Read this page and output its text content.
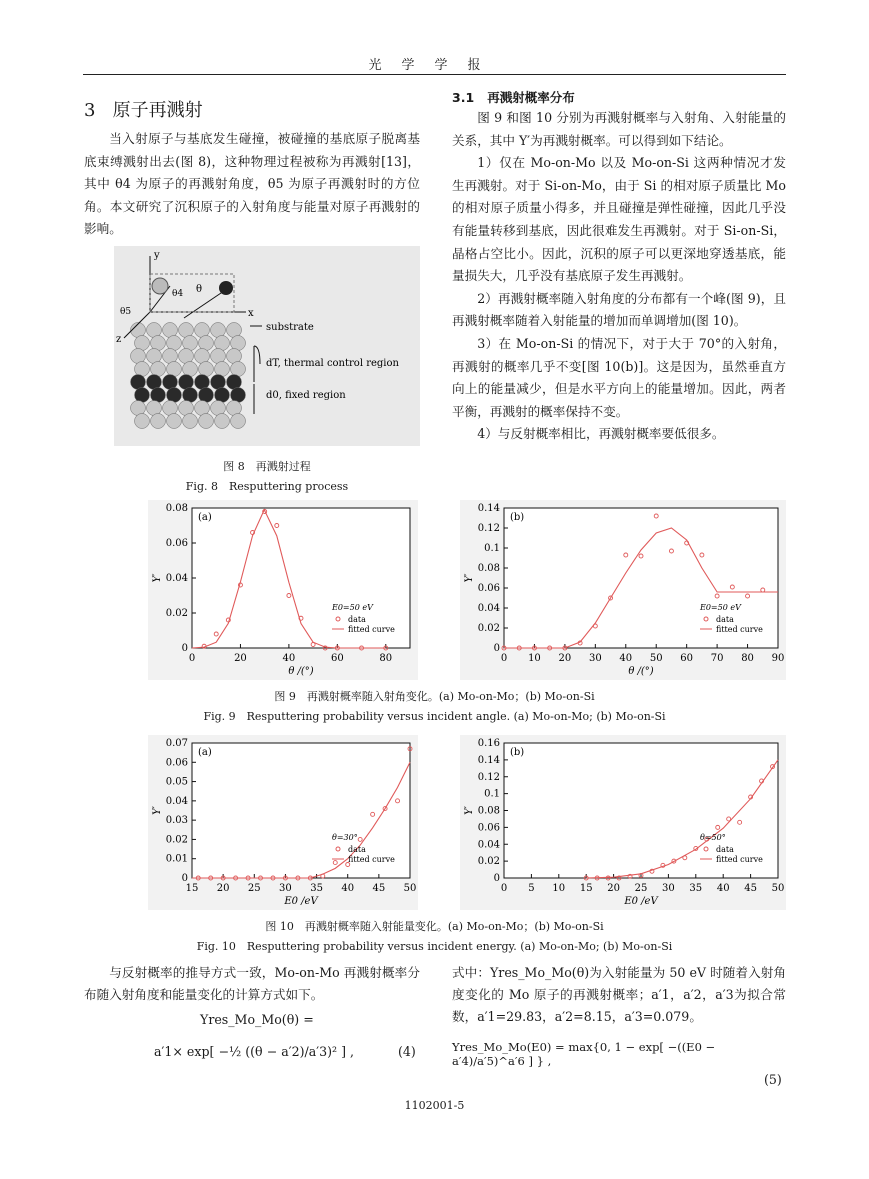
光学学报
3 原子再溅射
3.1 再溅射概率分布

当入射原子与基底发生碰撞，被碰撞的基底原子脱离基底束缚溅射出去(图 8)，这种物理过程被称为再溅射[13]，其中 θ4 为原子的再溅射角度，θ5 为原子再溅射时的方位角。本文研究了沉积原子的入射角度与能量对原子再溅射的影响。

y
x
z
θ4 θ
θ5
substrate
dT, thermal control region
d0, fixed region
图 8　再溅射过程
Fig. 8　Resputtering process

图 9 和图 10 分别为再溅射概率与入射角、入射能量的关系，其中 Y′为再溅射概率。可以得到如下结论。

1）仅在 Mo-on-Mo 以及 Mo-on-Si 这两种情况才发生再溅射。对于 Si-on-Mo，由于 Si 的相对原子质量比 Mo 的相对原子质量小得多，并且碰撞是弹性碰撞，因此几乎没有能量转移到基底，因此很难发生再溅射。对于 Si-on-Si，晶格占空比小。因此，沉积的原子可以更深地穿透基底，能量损失大，几乎没有基底原子发生再溅射。

2）再溅射概率随入射角度的分布都有一个峰(图 9)，且再溅射概率随着入射能量的增加而单调增加(图 10)。

3）在 Mo-on-Si 的情况下，对于大于 70°的入射角，再溅射的概率几乎不变[图 10(b)]。这是因为，虽然垂直方向上的能量减少，但是水平方向上的能量增加。因此，两者平衡，再溅射的概率保持不变。

4）与反射概率相比，再溅射概率要低很多。

0	20	40	60	80
0
0.02
0.04
0.06
0.08
θ /(°)
Y′
(a)
E0=50 eV
data
fitted curve
0 10 20 30 40 50 60 70 80 90
0
0.02
0.04
0.06
0.08
0.1
0.12
0.14
θ /(°)
Y′
(b)
E0=50 eV
data
fitted curve
图 9　再溅射概率随入射角变化。(a) Mo-on-Mo；(b) Mo-on-Si
Fig. 9　Resputtering probability versus incident angle. (a) Mo-on-Mo; (b) Mo-on-Si
15 20 25 30 35 40 45 50
0
0.01
0.02
0.03
0.04
0.05
0.06
0.07
E0 /eV
Y′
(a)
θ=30°
data
fitted curve
0 5 10 15 20 25 30 35 40 45 50
0
0.02
0.04
0.06
0.08
0.1
0.12
0.14
0.16
E0 /eV
Y′
(b)
θ=50°
data
fitted curve
图 10　再溅射概率随入射能量变化。(a) Mo-on-Mo；(b) Mo-on-Si
Fig. 10　Resputtering probability versus incident energy. (a) Mo-on-Mo; (b) Mo-on-Si

与反射概率的推导方式一致，Mo-on-Mo 再溅射概率分布随入射角度和能量变化的计算方式如下。

Yres_Mo_Mo(θ) =
a′1× exp[ −½ ((θ − a′2)/a′3)² ] ,	(4)

式中：Yres_Mo_Mo(θ)为入射能量为 50 eV 时随着入射角度变化的 Mo 原子的再溅射概率；a′1，a′2，a′3为拟合常数，a′1=29.83，a′2=8.15，a′3=0.079。

Yres_Mo_Mo(E0) = max{0, 1 − exp[ −((E0 − a′4)/a′5)^a′6 ] } ,
(5)
1102001-5
